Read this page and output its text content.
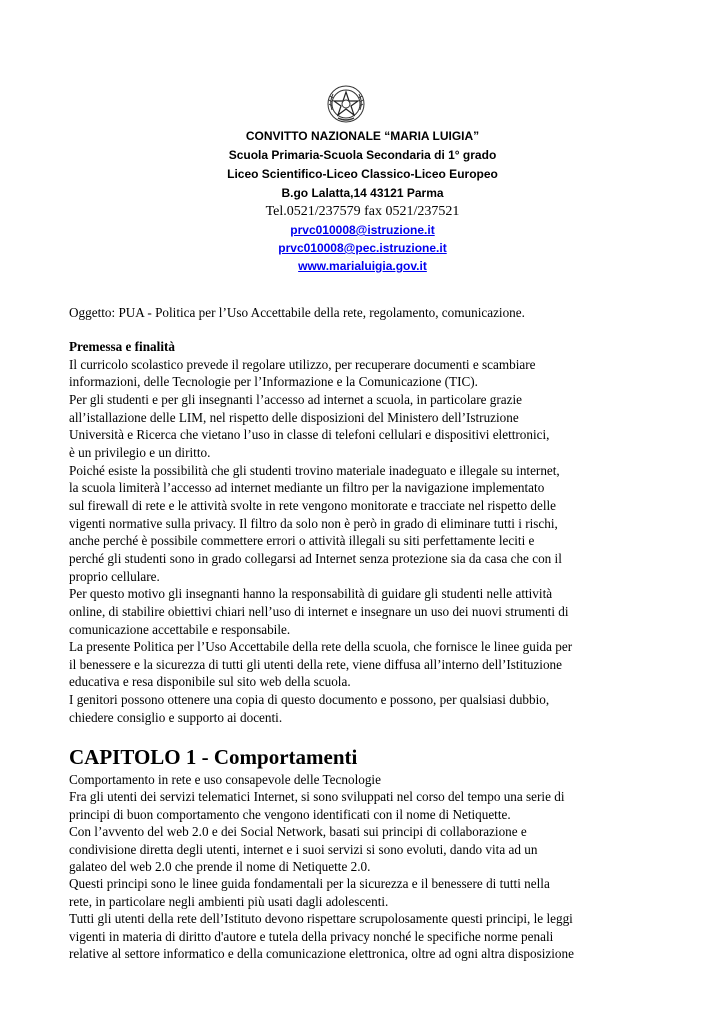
CONVITTO NAZIONALE “MARIA LUIGIA”

Scuola Primaria-Scuola Secondaria di 1° grado

Liceo Scientifico-Liceo Classico-Liceo Europeo

B.go Lalatta,14 43121 Parma

Tel.0521/237579 fax 0521/237521

prvc010008@istruzione.it
prvc010008@pec.istruzione.it
www.marialuigia.gov.it
Oggetto: PUA - Politica per l’Uso Accettabile della rete, regolamento, comunicazione.

Premessa e finalità

Il curricolo scolastico prevede il regolare utilizzo, per recuperare documenti e scambiare

informazioni, delle Tecnologie per l’Informazione e la Comunicazione (TIC).

Per gli studenti e per gli insegnanti l’accesso ad internet a scuola, in particolare grazie

all’istallazione delle LIM, nel rispetto delle disposizioni del Ministero dell’Istruzione

Università e Ricerca che vietano l’uso in classe di telefoni cellulari e dispositivi elettronici,

è un privilegio e un diritto.

Poiché esiste la possibilità che gli studenti trovino materiale inadeguato e illegale su internet,

la scuola limiterà l’accesso ad internet mediante un filtro per la navigazione implementato

sul firewall di rete e le attività svolte in rete vengono monitorate e tracciate nel rispetto delle

vigenti normative sulla privacy. Il filtro da solo non è però in grado di eliminare tutti i rischi,

anche perché è possibile commettere errori o attività illegali su siti perfettamente leciti e

perché gli studenti sono in grado collegarsi ad Internet senza protezione sia da casa che con il

proprio cellulare.

Per questo motivo gli insegnanti hanno la responsabilità di guidare gli studenti nelle attività

online, di stabilire obiettivi chiari nell’uso di internet e insegnare un uso dei nuovi strumenti di

comunicazione accettabile e responsabile.

La presente Politica per l’Uso Accettabile della rete della scuola, che fornisce le linee guida per

il benessere e la sicurezza di tutti gli utenti della rete, viene diffusa all’interno dell’Istituzione

educativa e resa disponibile sul sito web della scuola.

I genitori possono ottenere una copia di questo documento e possono, per qualsiasi dubbio,

chiedere consiglio e supporto ai docenti.

CAPITOLO 1 - Comportamenti

Comportamento in rete e uso consapevole delle Tecnologie

Fra gli utenti dei servizi telematici Internet, si sono sviluppati nel corso del tempo una serie di

principi di buon comportamento che vengono identificati con il nome di Netiquette.

Con l’avvento del web 2.0 e dei Social Network, basati sui principi di collaborazione e

condivisione diretta degli utenti, internet e i suoi servizi si sono evoluti, dando vita ad un

galateo del web 2.0 che prende il nome di Netiquette 2.0.

Questi principi sono le linee guida fondamentali per la sicurezza e il benessere di tutti nella

rete, in particolare negli ambienti più usati dagli adolescenti.

Tutti gli utenti della rete dell’Istituto devono rispettare scrupolosamente questi principi, le leggi

vigenti in materia di diritto d'autore e tutela della privacy nonché le specifiche norme penali

relative al settore informatico e della comunicazione elettronica, oltre ad ogni altra disposizione
